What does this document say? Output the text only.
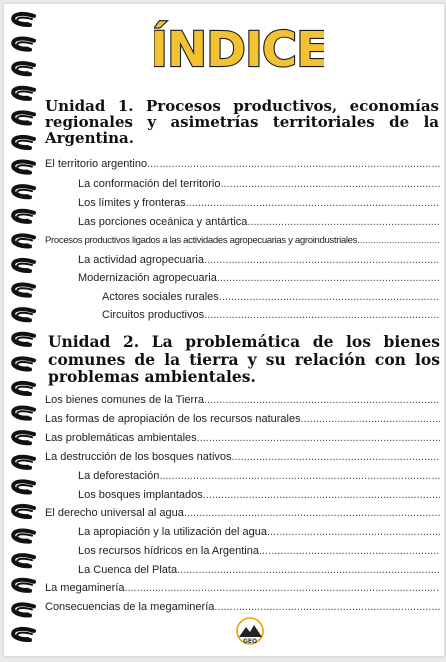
ÍNDICE
Unidad 1. Procesos productivos, economías regionales y asimetrías territoriales de la Argentina.
El territorio argentino
.....
La conformación del territorio
.....
Los límites y fronteras
.....
Las porciones oceánica y antártica
.....
Procesos productivos ligados a las actividades agropecuarias y agroindustriales
.....
La actividad agropecuaria
.....
Modernización agropecuaria
.....
Actores sociales rurales
.....
Circuitos productivos
.....
Unidad 2. La problemática de los bienes comunes de la tierra y su relación con los problemas ambientales.
Los bienes comunes de la Tierra
.....
Las formas de apropiación de los recursos naturales
.....
Las problemáticas ambientales
.....
La destrucción de los bosques nativos
.....
La deforestación
.....
Los bosques implantados
.....
El derecho universal al agua
.....
La apropiación y la utilización del agua
.....
Los recursos hídricos en la Argentina
.....
La Cuenca del Plata
.....
La megaminería
.....
Consecuencias de la megaminería
.....
GEO
